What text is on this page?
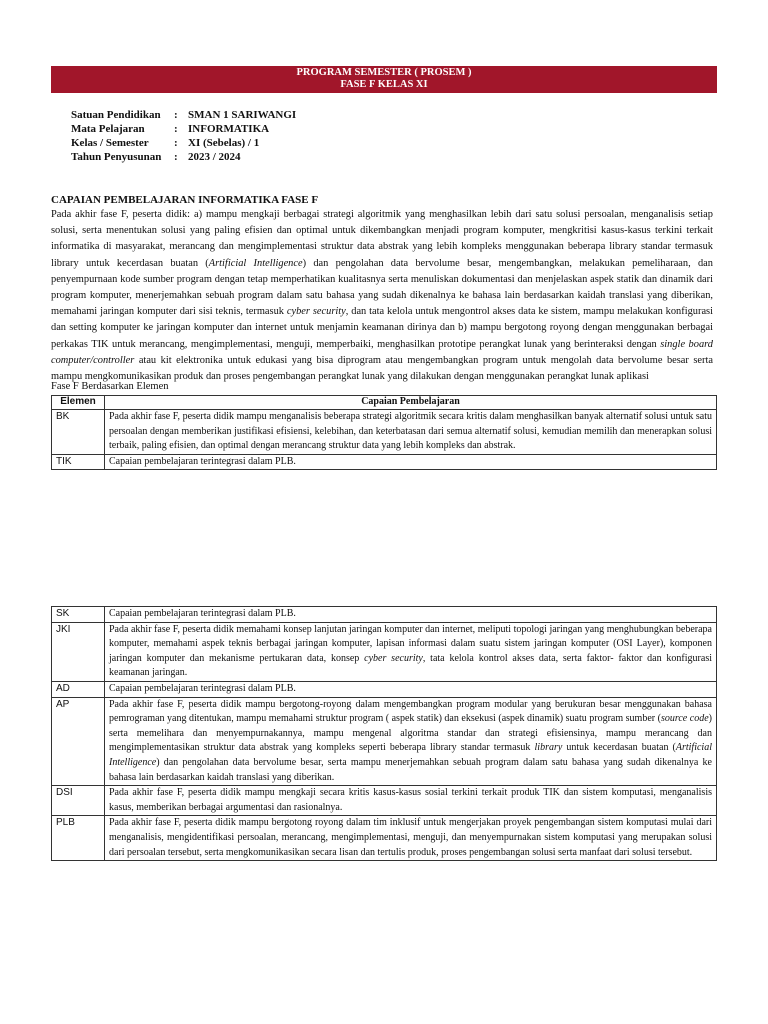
PROGRAM SEMESTER ( PROSEM )
FASE F KELAS XI
Satuan Pendidikan : SMAN 1 SARIWANGI
Mata Pelajaran	: INFORMATIKA
Kelas / Semester : XI (Sebelas) / 1
Tahun Penyusunan : 2023 / 2024
CAPAIAN PEMBELAJARAN INFORMATIKA FASE F
Pada akhir fase F, peserta didik: a) mampu mengkaji berbagai strategi algoritmik yang menghasilkan lebih dari satu solusi persoalan, menganalisis setiap solusi, serta menentukan solusi yang paling efisien dan optimal untuk dikembangkan menjadi program komputer, mengkritisi kasus-kasus terkini terkait informatika di masyarakat, merancang dan mengimplementasi struktur data abstrak yang lebih kompleks menggunakan beberapa library standar termasuk library untuk kecerdasan buatan (Artificial Intelligence) dan pengolahan data bervolume besar, mengembangkan, melakukan pemeliharaan, dan penyempurnaan kode sumber program dengan tetap memperhatikan kualitasnya serta menuliskan dokumentasi dan menjelaskan aspek statik dan dinamik dari program komputer, menerjemahkan sebuah program dalam satu bahasa yang sudah dikenalnya ke bahasa lain berdasarkan kaidah translasi yang diberikan, memahami jaringan komputer dari sisi teknis, termasuk cyber security, dan tata kelola untuk mengontrol akses data ke sistem, mampu melakukan konfigurasi dan setting komputer ke jaringan komputer dan internet untuk menjamin keamanan dirinya dan b) mampu bergotong royong dengan menggunakan berbagai perkakas TIK untuk merancang, mengimplementasi, menguji, memperbaiki, menghasilkan prototipe perangkat lunak yang berinteraksi dengan single board computer/controller atau kit elektronika untuk edukasi yang bisa diprogram atau mengembangkan program untuk mengolah data bervolume besar serta mampu mengkomunikasikan produk dan proses pengembangan perangkat lunak yang dilakukan dengan menggunakan perangkat lunak aplikasi
Fase F Berdasarkan Elemen
Elemen	Capaian Pembelajaran
BK	Pada akhir fase F, peserta didik mampu menganalisis beberapa strategi algoritmik secara kritis dalam menghasilkan banyak alternatif solusi untuk satu persoalan dengan memberikan justifikasi efisiensi, kelebihan, dan keterbatasan dari semua alternatif solusi, kemudian memilih dan menerapkan solusi terbaik, paling efisien, dan optimal dengan merancang struktur data yang lebih kompleks dan abstrak.
TIK	Capaian pembelajaran terintegrasi dalam PLB.
SK	Capaian pembelajaran terintegrasi dalam PLB.
JKI	Pada akhir fase F, peserta didik memahami konsep lanjutan jaringan komputer dan internet, meliputi topologi jaringan yang menghubungkan beberapa komputer, memahami aspek teknis berbagai jaringan komputer, lapisan informasi dalam suatu sistem jaringan komputer (OSI Layer), komponen jaringan komputer dan mekanisme pertukaran data, konsep cyber security, tata kelola kontrol akses data, serta faktor- faktor dan konfigurasi keamanan jaringan.
AD	Capaian pembelajaran terintegrasi dalam PLB.
AP	Pada akhir fase F, peserta didik mampu bergotong-royong dalam mengembangkan program modular yang berukuran besar menggunakan bahasa pemrograman yang ditentukan, mampu memahami struktur program ( aspek statik) dan eksekusi (aspek dinamik) suatu program sumber (source code) serta memelihara dan menyempurnakannya, mampu mengenal algoritma standar dan strategi efisiensinya, mampu merancang dan mengimplementasikan struktur data abstrak yang kompleks seperti beberapa library standar termasuk library untuk kecerdasan buatan (Artificial Intelligence) dan pengolahan data bervolume besar, serta mampu menerjemahkan sebuah program dalam satu bahasa yang sudah dikenalnya ke bahasa lain berdasarkan kaidah translasi yang diberikan.
DSI	Pada akhir fase F, peserta didik mampu mengkaji secara kritis kasus-kasus sosial terkini terkait produk TIK dan sistem komputasi, menganalisis kasus, memberikan berbagai argumentasi dan rasionalnya.
PLB	Pada akhir fase F, peserta didik mampu bergotong royong dalam tim inklusif untuk mengerjakan proyek pengembangan sistem komputasi mulai dari menganalisis, mengidentifikasi persoalan, merancang, mengimplementasi, menguji, dan menyempurnakan sistem komputasi yang merupakan solusi dari persoalan tersebut, serta mengkomunikasikan secara lisan dan tertulis produk, proses pengembangan solusi serta manfaat dari solusi tersebut.
